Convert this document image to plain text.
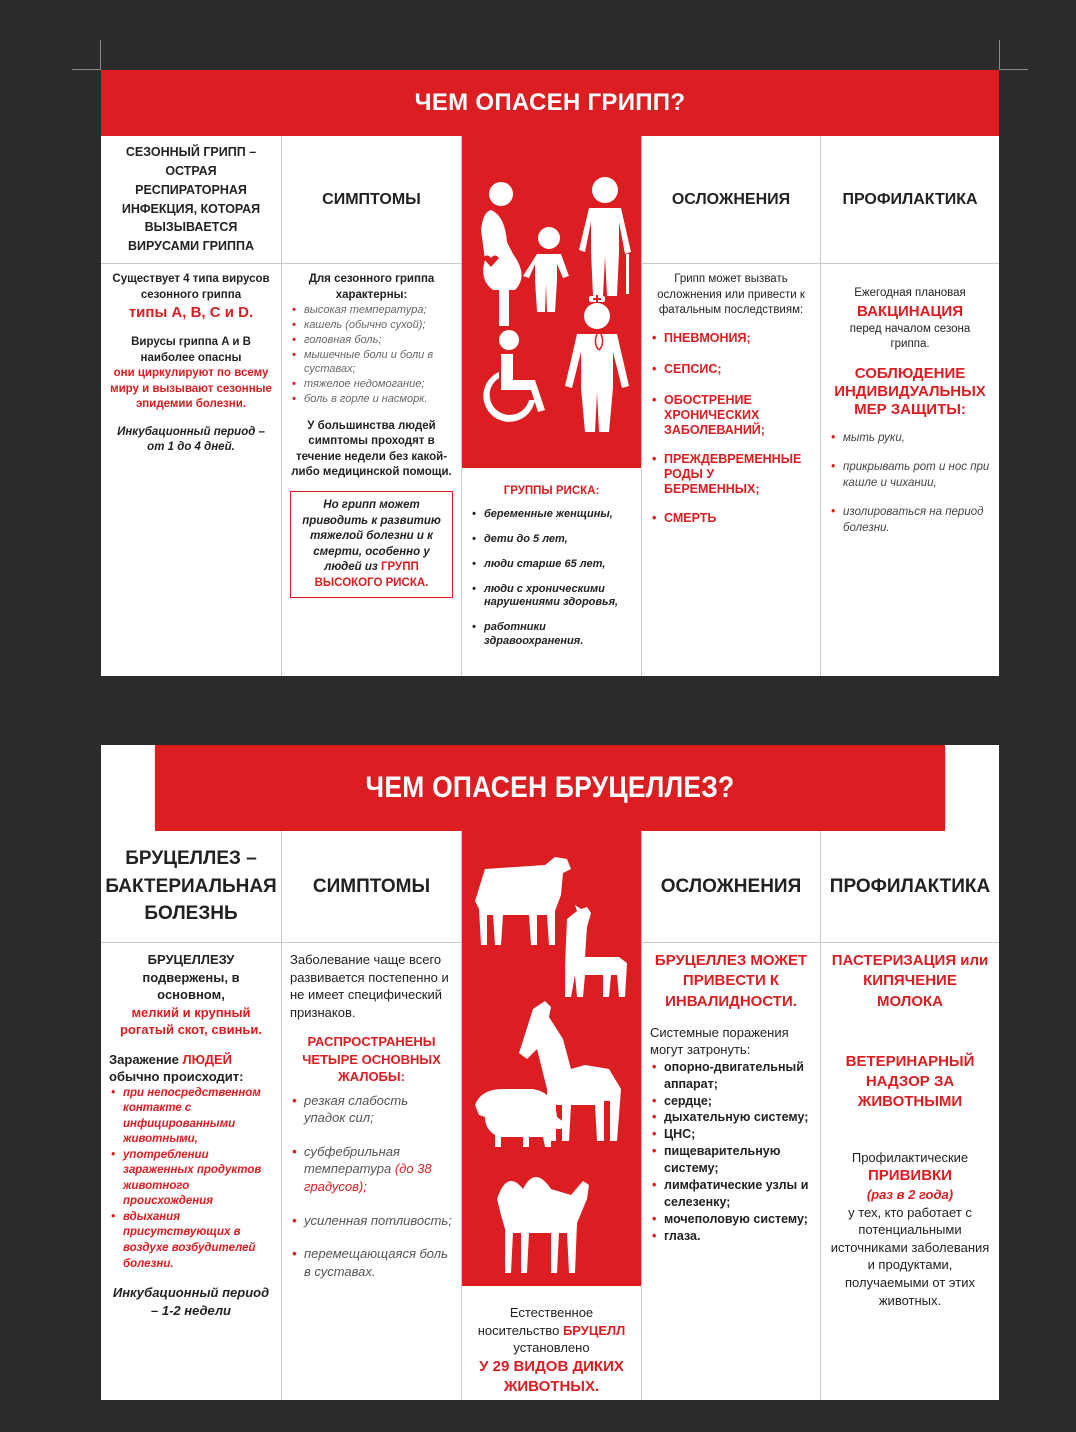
ЧЕМ ОПАСЕН ГРИПП?
СЕЗОННЫЙ ГРИПП – ОСТРАЯ РЕСПИРАТОРНАЯ ИНФЕКЦИЯ, КОТОРАЯ ВЫЗЫВАЕТСЯ ВИРУСАМИ ГРИППА
Существует 4 типа вирусов сезонного гриппа
типы A, B, C и D.
Вирусы гриппа A и B наиболее опасны
они циркулируют по всему миру и вызывают сезонные эпидемии болезни.
Инкубационный период – от 1 до 4 дней.
СИМПТОМЫ
Для сезонного гриппа характерны:
• высокая температура;
• кашель (обычно сухой);
• головная боль;
• мышечные боли и боли в суставах;
• тяжелое недомогание;
• боль в горле и насморк.
У большинства людей симптомы проходят в течение недели без какой-либо медицинской помощи.
Но грипп может приводить к развитию тяжелой болезни и к смерти, особенно у людей из ГРУПП ВЫСОКОГО РИСКА.
ГРУППЫ РИСКА:
• беременные женщины,
• дети до 5 лет,
• люди старше 65 лет,
• люди с хроническими нарушениями здоровья,
• работники здравоохранения.
ОСЛОЖНЕНИЯ
Грипп может вызвать осложнения или привести к фатальным последствиям:
• ПНЕВМОНИЯ;
• СЕПСИС;
• ОБОСТРЕНИЕ ХРОНИЧЕСКИХ ЗАБОЛЕВАНИЙ;
• ПРЕЖДЕВРЕМЕННЫЕ РОДЫ У БЕРЕМЕННЫХ;
• СМЕРТЬ
ПРОФИЛАКТИКА
Ежегодная плановая
ВАКЦИНАЦИЯ
перед началом сезона гриппа.
СОБЛЮДЕНИЕ ИНДИВИДУАЛЬНЫХ МЕР ЗАЩИТЫ:
• мыть руки,
• прикрывать рот и нос при кашле и чихании,
• изолироваться на период болезни.
ЧЕМ ОПАСЕН БРУЦЕЛЛЕЗ?
БРУЦЕЛЛЕЗ – БАКТЕРИАЛЬНАЯ БОЛЕЗНЬ
БРУЦЕЛЛЕЗУ подвержены, в основном,
мелкий и крупный рогатый скот, свиньи.
Заражение ЛЮДЕЙ
обычно происходит:
• при непосредственном контакте с инфицированными животными,
• употреблении зараженных продуктов животного происхождения
• вдыхания присутствующих в воздухе возбудителей болезни.
Инкубационный период – 1-2 недели
СИМПТОМЫ
Заболевание чаще всего развивается постепенно и не имеет специфический признаков.
РАСПРОСТРАНЕНЫ ЧЕТЫРЕ ОСНОВНЫХ ЖАЛОБЫ:
• резкая слабость упадок сил;
• субфебрильная температура (до 38 градусов);
• усиленная потливость;
• перемещающаяся боль в суставах.
Естественное носительство БРУЦЕЛЛ установлено
У 29 ВИДОВ ДИКИХ ЖИВОТНЫХ.
ОСЛОЖНЕНИЯ
БРУЦЕЛЛЕЗ МОЖЕТ ПРИВЕСТИ К ИНВАЛИДНОСТИ.
Системные поражения могут затронуть:
• опорно-двигательный аппарат;
• сердце;
• дыхательную систему;
• ЦНС;
• пищеварительную систему;
• лимфатические узлы и селезенку;
• мочеполовую систему;
• глаза.
ПРОФИЛАКТИКА
ПАСТЕРИЗАЦИЯ или КИПЯЧЕНИЕ МОЛОКА
ВЕТЕРИНАРНЫЙ НАДЗОР ЗА ЖИВОТНЫМИ
Профилактические
ПРИВИВКИ
(раз в 2 года)
у тех, кто работает с потенциальными источниками заболевания и продуктами, получаемыми от этих животных.
